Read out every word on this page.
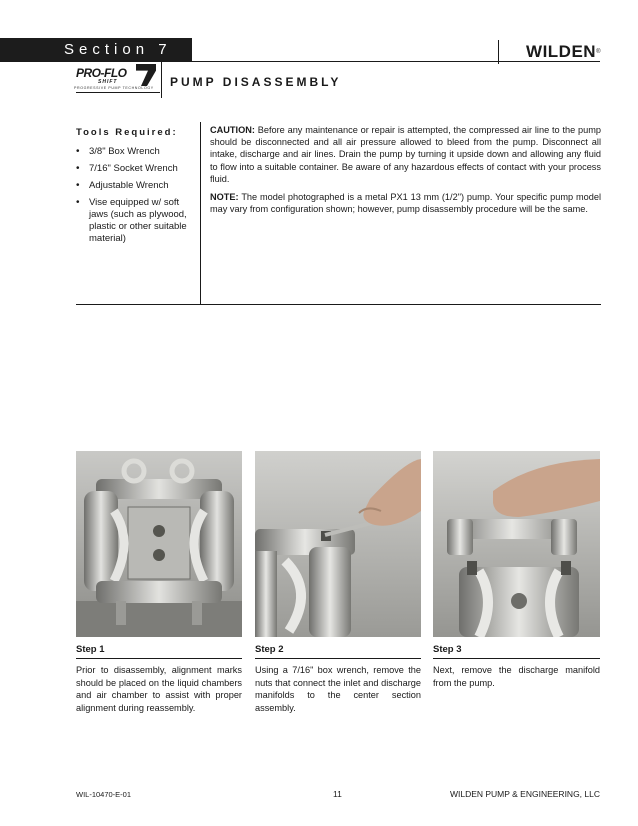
Section 7	WILDEN®
PRO-FLO
SHIFT
PROGRESSIVE PUMP TECHNOLOGY PUMP DISASSEMBLY
Tools Required:
• 3/8" Box Wrench
• 7/16" Socket Wrench
• Adjustable Wrench
• Vise equipped w/ soft jaws (such as plywood, plastic or other suitable material)

CAUTION: Before any maintenance or repair is attempted, the compressed air line to the pump should be disconnected and all air pressure allowed to bleed from the pump. Disconnect all intake, discharge and air lines. Drain the pump by turning it upside down and allowing any fluid to flow into a suitable container. Be aware of any hazardous effects of contact with your process fluid.

NOTE: The model photographed is a metal PX1 13 mm (1/2") pump. Your specific pump model may vary from configuration shown; however, pump disassembly procedure will be the same.

Step 1
Prior to disassembly, alignment marks should be placed on the liquid chambers and air chamber to assist with proper alignment during reassembly.
Step 2
Using a 7/16" box wrench, remove the nuts that connect the inlet and discharge manifolds to the center section assembly.
Step 3
Next, remove the discharge manifold from the pump.
WIL-10470-E-01	11	WILDEN PUMP & ENGINEERING, LLC
